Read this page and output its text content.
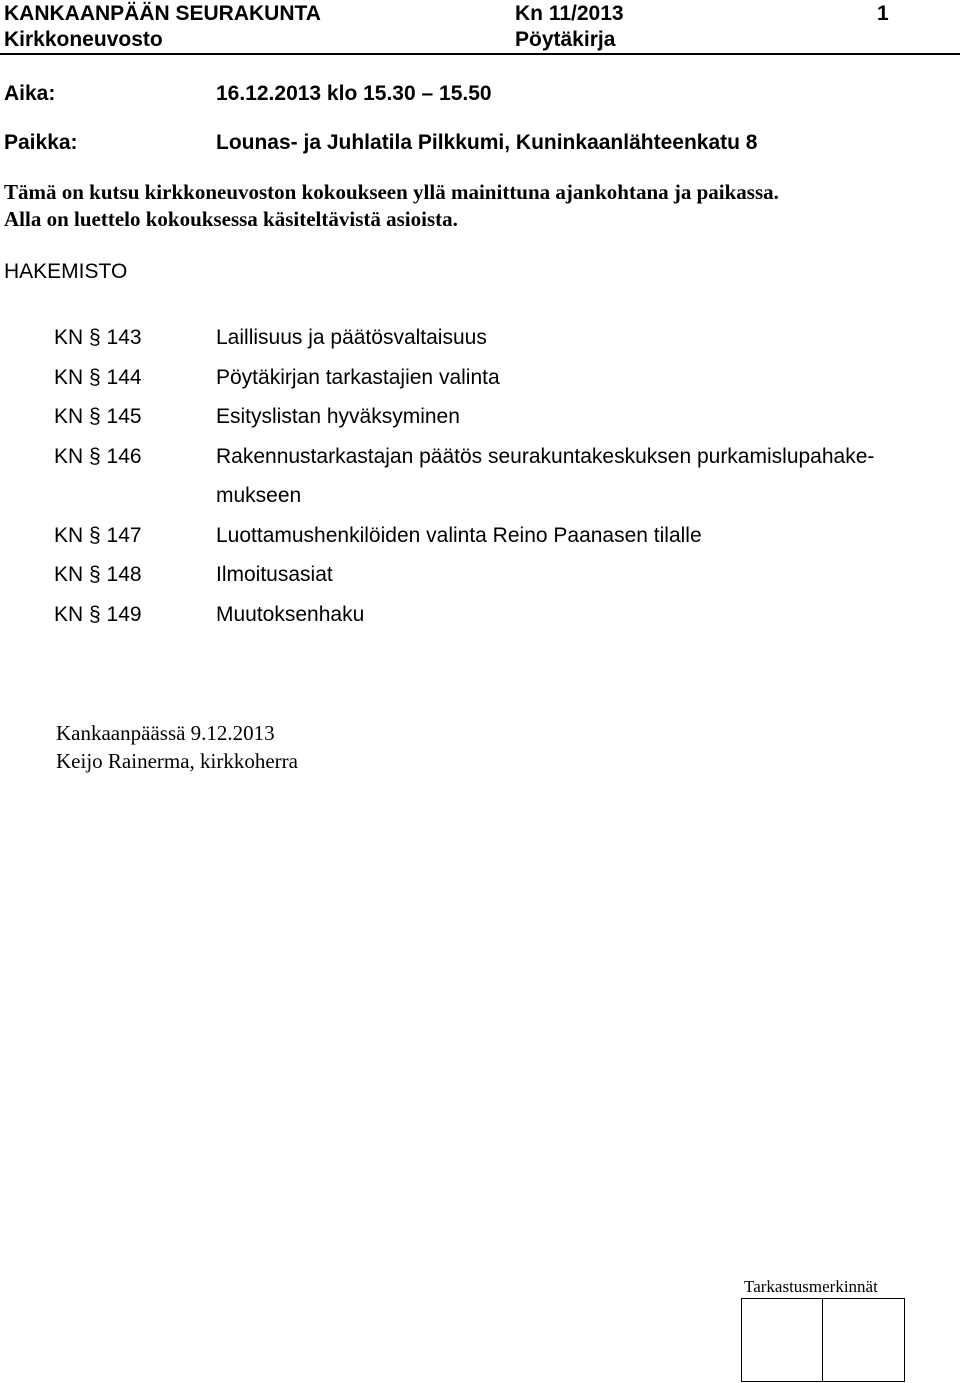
KANKAANPÄÄN SEURAKUNTA	Kn 11/2013	1
Kirkkoneuvosto	Pöytäkirja
Aika:	16.12.2013 klo 15.30 – 15.50
Paikka:	Lounas- ja Juhlatila Pilkkumi, Kuninkaanlähteenkatu 8
Tämä on kutsu kirkkoneuvoston kokoukseen yllä mainittuna ajankohtana ja paikassa.
Alla on luettelo kokouksessa käsiteltävistä asioista.
HAKEMISTO
KN § 143	Laillisuus ja päätösvaltaisuus
KN § 144	Pöytäkirjan tarkastajien valinta
KN § 145	Esityslistan hyväksyminen
KN § 146	Rakennustarkastajan päätös seurakuntakeskuksen purkamislupahake-
mukseen
KN § 147	Luottamushenkilöiden valinta Reino Paanasen tilalle
KN § 148	Ilmoitusasiat
KN § 149	Muutoksenhaku
Kankaanpäässä 9.12.2013
Keijo Rainerma, kirkkoherra
Tarkastusmerkinnät
